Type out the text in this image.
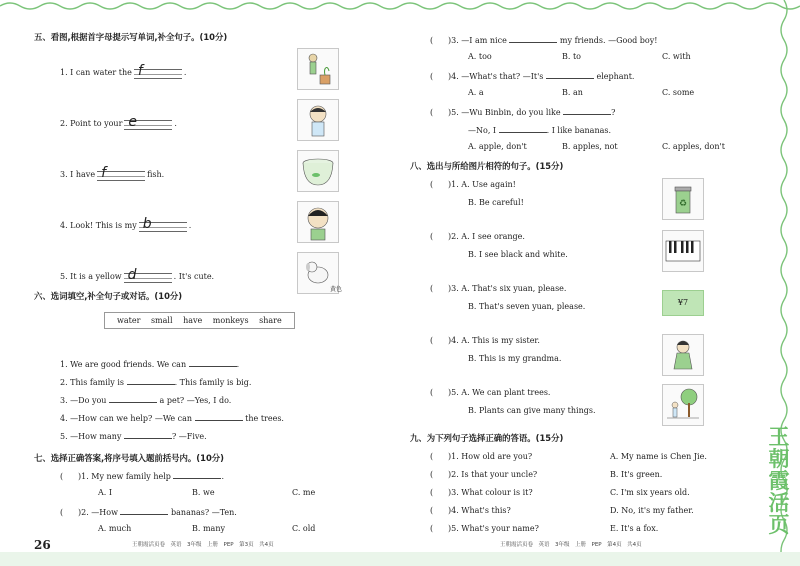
五、看图,根据首字母提示写单词,补全句子。(10分)

1. I can water the f	.
2. Point to your e	.
3. I have f	fish.
4. Look! This is my b	.
5. It is a yellow d	. It's cute.
黄色

六、选词填空,补全句子或对话。(10分)

water small have monkeys share
1. We are good friends. We can	.
2. This family is	. This family is big.
3. —Do you	a pet? —Yes, I do.
4. —How can we help? —We can	the trees.
5. —How many	? —Five.

七、选择正确答案,将序号填入题前括号内。(10分)

( )1. My new family help	.
A. I	B. we	C. me
( )2. —How	bananas? —Ten.
A. much	B. many	C. old
26	王朝霞活页卷　英语　3年级　上册　PEP　第3页　共4页
( )3. —I am nice	my friends. —Good boy!
A. too	B. to	C. with
( )4. —What's that? —It's	elephant.
A. a	B. an	C. some
( )5. —Wu Binbin, do you like	?
—No, I	. I like bananas.
A. apple, don't	B. apples, not	C. apples, don't

八、选出与所给图片相符的句子。(15分)

( )1. A. Use again!
B. Be careful!	♻
( )2. A. I see orange.
B. I see black and white.
( )3. A. That's six yuan, please.
B. That's seven yuan, please.	¥7
( )4. A. This is my sister.
B. This is my grandma.
( )5. A. We can plant trees.
B. Plants can give many things.

九、为下列句子选择正确的答语。(15分)

( )1. How old are you?	A. My name is Chen Jie.
( )2. Is that your uncle?	B. It's green.
( )3. What colour is it?	C. I'm six years old.
( )4. What's this?	D. No, it's my father.
( )5. What's your name?	E. It's a fox.
王朝霞活页卷　英语　3年级　上册　PEP　第4页　共4页
王朝霞活页
